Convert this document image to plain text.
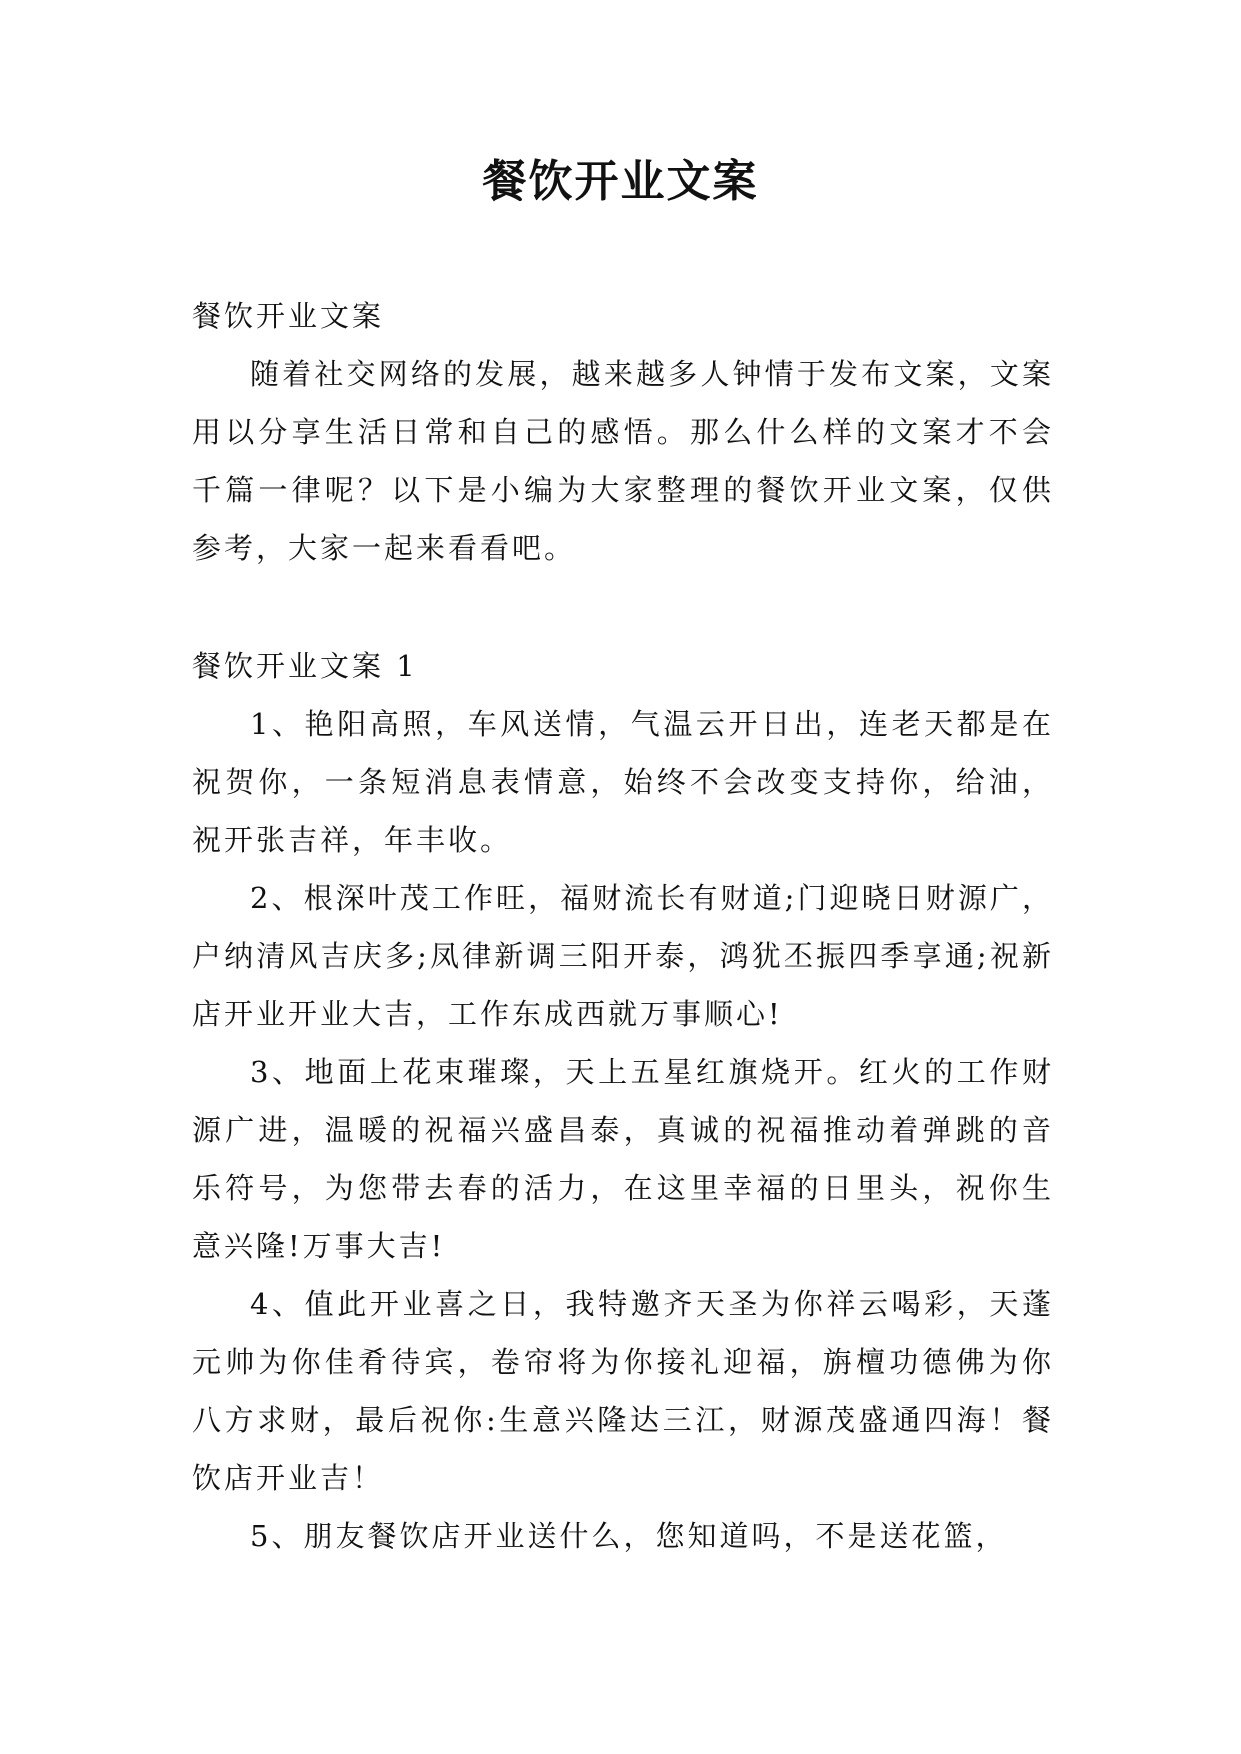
餐饮开业文案

餐饮开业文案

随着社交网络的发展，越来越多人钟情于发布文案，文案用以分享生活日常和自己的感悟。那么什么样的文案才不会千篇一律呢？以下是小编为大家整理的餐饮开业文案，仅供参考，大家一起来看看吧。

餐饮开业文案 1

1、艳阳高照，车风送情，气温云开日出，连老天都是在祝贺你，一条短消息表情意，始终不会改变支持你，给油，祝开张吉祥，年丰收。

2、根深叶茂工作旺，福财流长有财道;门迎晓日财源广，户纳清风吉庆多;凤律新调三阳开泰，鸿犹丕振四季享通;祝新店开业开业大吉，工作东成西就万事顺心!

3、地面上花束璀璨，天上五星红旗烧开。红火的工作财源广进，温暖的祝福兴盛昌泰，真诚的祝福推动着弹跳的音乐符号，为您带去春的活力，在这里幸福的日里头，祝你生意兴隆!万事大吉!

4、值此开业喜之日，我特邀齐天圣为你祥云喝彩，天蓬元帅为你佳肴待宾，卷帘将为你接礼迎福，旃檀功德佛为你八方求财，最后祝你:生意兴隆达三江，财源茂盛通四海！餐饮店开业吉！

5、朋友餐饮店开业送什么，您知道吗，不是送花篮，
